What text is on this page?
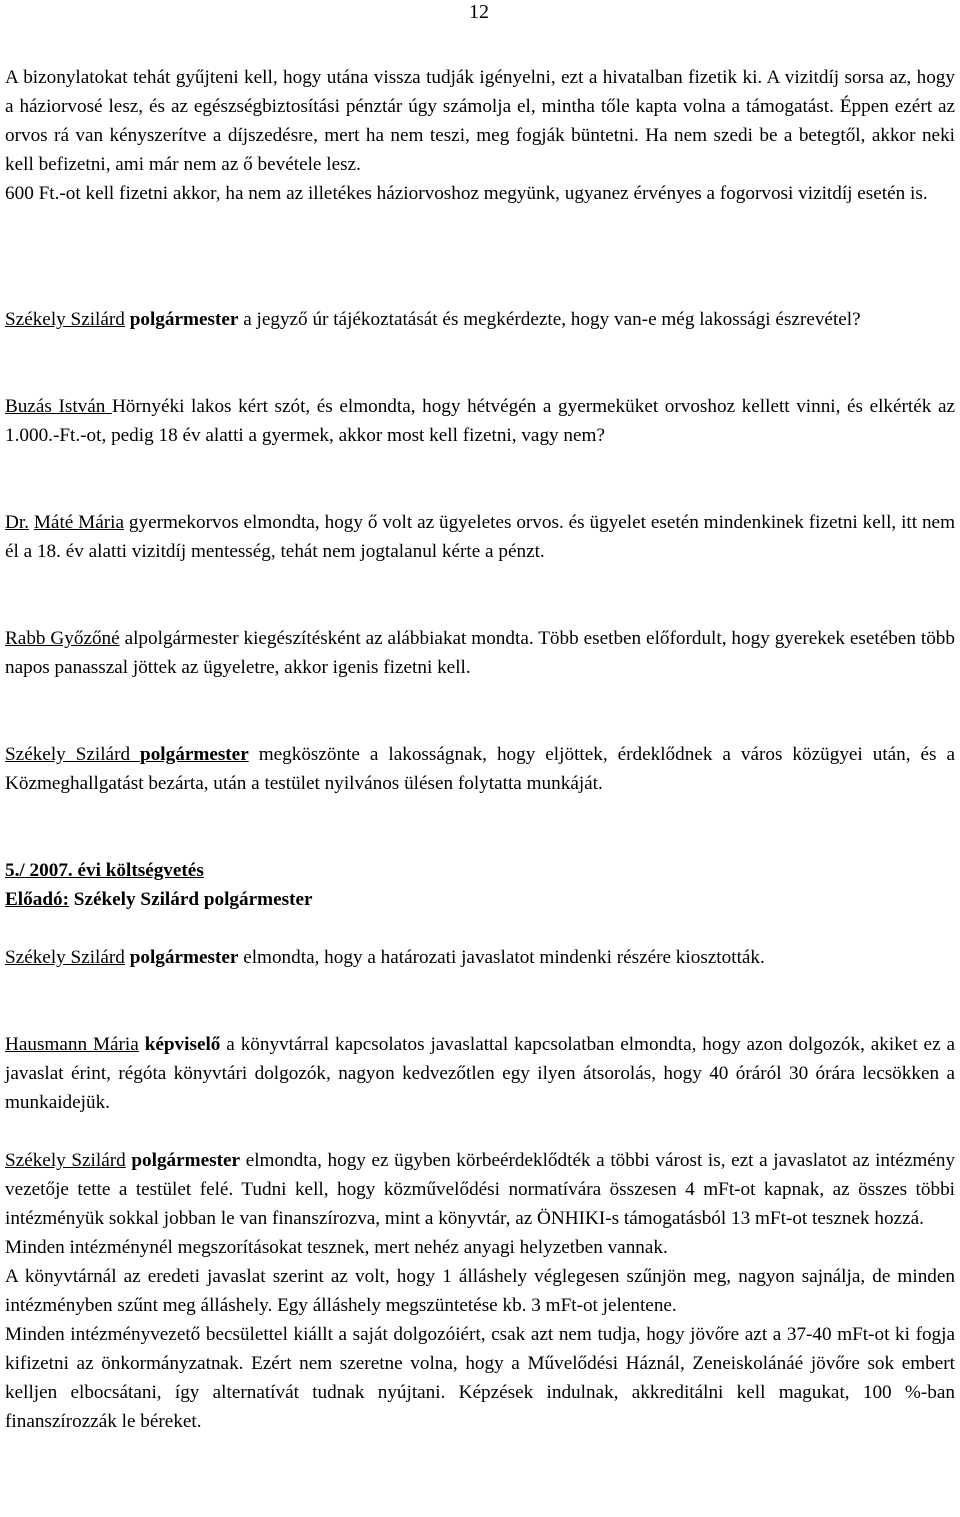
12
A bizonylatokat tehát gyűjteni kell, hogy utána vissza tudják igényelni, ezt a hivatalban fizetik ki. A vizitdíj sorsa az, hogy a háziorvosé lesz, és az egészségbiztosítási pénztár úgy számolja el, mintha tőle kapta volna a támogatást. Éppen ezért az orvos rá van kényszerítve a díjszedésre, mert ha nem teszi, meg fogják büntetni. Ha nem szedi be a betegtől, akkor neki kell befizetni, ami már nem az ő bevétele lesz.
600 Ft.-ot kell fizetni akkor, ha nem az illetékes háziorvoshoz megyünk, ugyanez érvényes a fogorvosi vizitdíj esetén is.
Székely Szilárd polgármester a jegyző úr tájékoztatását és megkérdezte, hogy van-e még lakossági észrevétel?
Buzás István Hörnyéki lakos kért szót, és elmondta, hogy hétvégén a gyermeküket orvoshoz kellett vinni, és elkérték az 1.000.-Ft.-ot, pedig 18 év alatti a gyermek, akkor most kell fizetni, vagy nem?
Dr. Máté Mária gyermekorvos elmondta, hogy ő volt az ügyeletes orvos. és ügyelet esetén mindenkinek fizetni kell, itt nem él a 18. év alatti vizitdíj mentesség, tehát nem jogtalanul kérte a pénzt.
Rabb Győzőné alpolgármester kiegészítésként az alábbiakat mondta. Több esetben előfordult, hogy gyerekek esetében több napos panasszal jöttek az ügyeletre, akkor igenis fizetni kell.
Székely Szilárd polgármester megköszönte a lakosságnak, hogy eljöttek, érdeklődnek a város közügyei után, és a Közmeghallgatást bezárta, után a testület nyilvános ülésen folytatta munkáját.
5./ 2007. évi költségvetés
Előadó: Székely Szilárd polgármester
Székely Szilárd polgármester elmondta, hogy a határozati javaslatot mindenki részére kiosztották.
Hausmann Mária képviselő a könyvtárral kapcsolatos javaslattal kapcsolatban elmondta, hogy azon dolgozók, akiket ez a javaslat érint, régóta könyvtári dolgozók, nagyon kedvezőtlen egy ilyen átsorolás, hogy 40 óráról 30 órára lecsökken a munkaidejük.
Székely Szilárd polgármester elmondta, hogy ez ügyben körbeérdeklődték a többi várost is, ezt a javaslatot az intézmény vezetője tette a testület felé. Tudni kell, hogy közművelődési normatívára összesen 4 mFt-ot kapnak, az összes többi intézményük sokkal jobban le van finanszírozva, mint a könyvtár, az ÖNHIKI-s támogatásból 13 mFt-ot tesznek hozzá.
Minden intézménynél megszorításokat tesznek, mert nehéz anyagi helyzetben vannak.
A könyvtárnál az eredeti javaslat szerint az volt, hogy 1 álláshely véglegesen szűnjön meg, nagyon sajnálja, de minden intézményben szűnt meg álláshely. Egy álláshely megszüntetése kb. 3 mFt-ot jelentene.
Minden intézményvezető becsülettel kiállt a saját dolgozóiért, csak azt nem tudja, hogy jövőre azt a 37-40 mFt-ot ki fogja kifizetni az önkormányzatnak. Ezért nem szeretne volna, hogy a Művelődési Háznál, Zeneiskolánáé jövőre sok embert kelljen elbocsátani, így alternatívát tudnak nyújtani. Képzések indulnak, akkreditálni kell magukat, 100 %-ban finanszírozzák le béreket.
